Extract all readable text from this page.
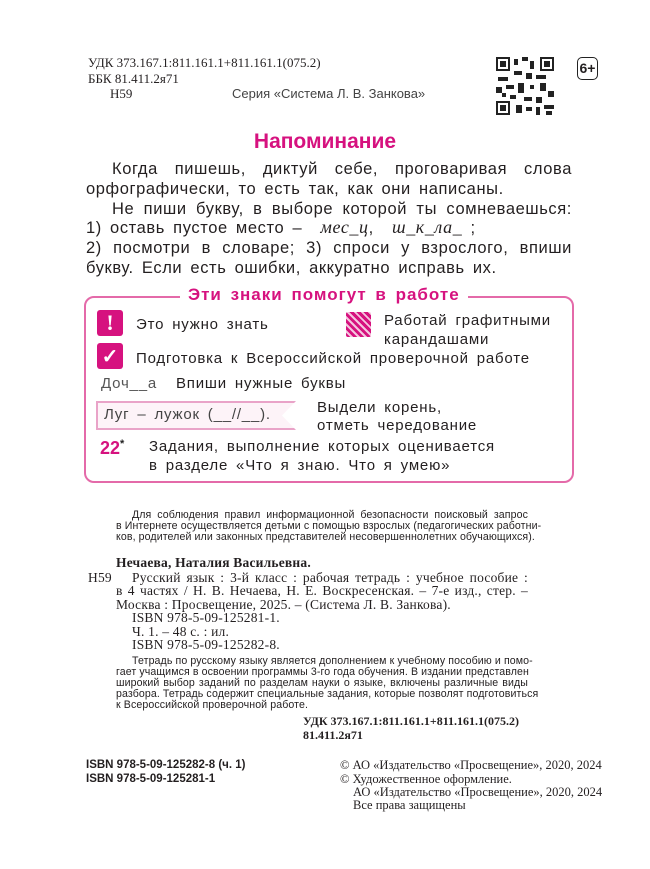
УДК 373.167.1:811.161.1+811.161.1(075.2)
ББК 81.411.2я71
Н59	Серия «Система Л. В. Занкова»
6+
Напоминание
Когда пишешь, диктуй себе, проговаривая слова
орфографически, то есть так, как они написаны.
Не пиши букву, в выборе которой ты сомневаешься:
1) оставь пустое место – мес_ц, ш_к_ла_ ;
2) посмотри в словаре; 3) спроси у взрослого, впиши
букву. Если есть ошибки, аккуратно исправь их.
Эти знаки помогут в работе
!	Это нужно знать	Работай графитными
карандашами
✓	Подготовка к Всероссийской проверочной работе
Доч__а Впиши нужные буквы
Луг – лужок (__//__).	Выдели корень,
отметь чередование
22* Задания, выполнение которых оценивается
в разделе «Что я знаю. Что я умею»
Для соблюдения правил информационной безопасности поисковый запрос
в Интернете осуществляется детьми с помощью взрослых (педагогических работни-
ков, родителей или законных представителей несовершеннолетних обучающихся).
Нечаева, Наталия Васильевна.
Н59 Русский язык : 3-й класс : рабочая тетрадь : учебное пособие :
в 4 частях / Н. В. Нечаева, Н. Е. Воскресенская. – 7-е изд., стер. –
Москва : Просвещение, 2025. – (Система Л. В. Занкова).
ISBN 978-5-09-125281-1.
Ч. 1. – 48 с. : ил.
ISBN 978-5-09-125282-8.
Тетрадь по русскому языку является дополнением к учебному пособию и помо-
гает учащимся в освоении программы 3-го года обучения. В издании представлен
широкий выбор заданий по разделам науки о языке, включены различные виды
разбора. Тетрадь содержит специальные задания, которые позволят подготовиться
к Всероссийской проверочной работе.
УДК 373.167.1:811.161.1+811.161.1(075.2)
81.411.2я71
ISBN 978-5-09-125282-8 (ч. 1)
ISBN 978-5-09-125281-1
© АО «Издательство «Просвещение», 2020, 2024
© Художественное оформление.
АО «Издательство «Просвещение», 2020, 2024
Все права защищены
